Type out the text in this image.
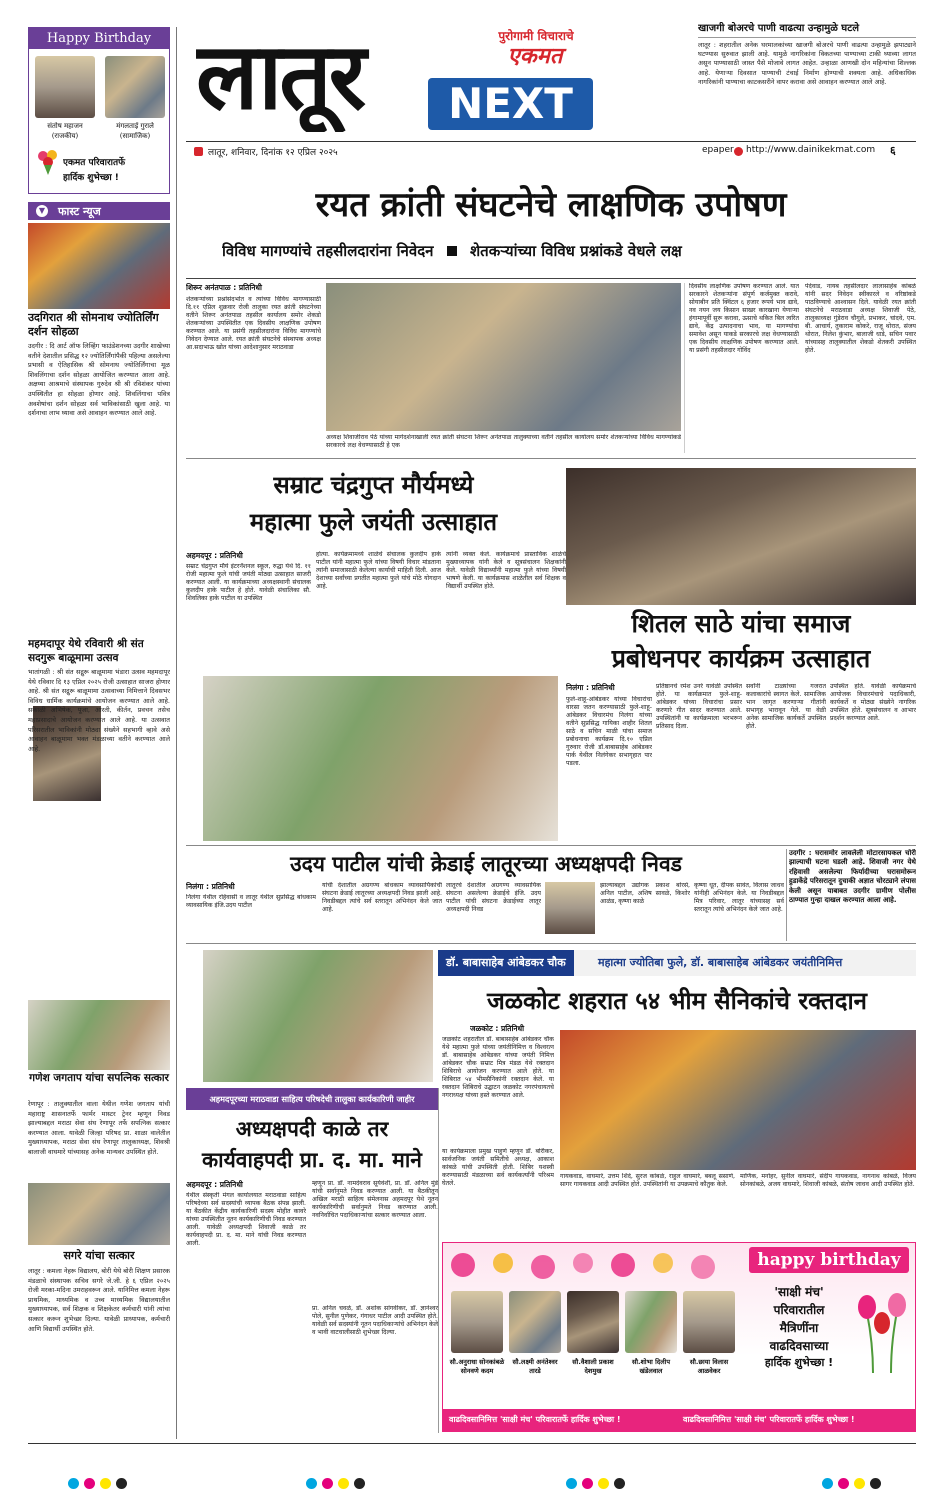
Happy Birthday
संतोष महाजन
(राजकीय)
मंगलताई गुराले
(सामाजिक)
एकमत परिवारातर्फे
हार्दिक शुभेच्छा !
▼ फास्ट न्यूज
उदगिरात श्री सोमनाथ ज्योतिर्लिंग दर्शन सोहळा
उदगीर : दि आर्ट ऑफ लिव्हिंग फाउंडेशनच्या उदगीर शाखेच्या वतीने देशातील प्रसिद्ध १२ ज्योतिर्लिंगांपैकी पहिल्या असलेल्या प्रभासी व ऐतिहासिक श्री सोमनाथ ज्योतिर्लिंगाचा मूळ शिवलिंगाचा दर्शन सोहळा आयोजित करण्यात आला आहे. अक्षय्या आश्रमाचे संस्थापक गुरुदेव श्री श्री रविशंकर यांच्या उपस्थितीत हा सोहळा होणार आहे. शिवलिंगाचा पवित्र अवशेषांचा दर्शन सोहळा सर्व भाविकांसाठी खुला आहे. या दर्शनाचा लाभ घ्यावा असे आवाहन करण्यात आले आहे.
महमदापूर येथे रविवारी श्री संत सदगुरू बाळूमामा उत्सव
भातांगळी : श्री संत सद्गुरू बाळूमामा भंडारा उत्सव महमदापूर येथे रविवार दि १३ एप्रिल २०२५ रोजी उत्साहात साजरा होणार आहे. श्री संत सद्गुरू बाळूमामा उत्सवाच्या निमित्ताने दिवसभर विविध धार्मिक कार्यक्रमांचे आयोजन करण्यात आले आहे. सकाळी अभिषेक, पूजा, आरती, कीर्तन, प्रवचन तसेच महाप्रसादाचे आयोजन करण्यात आले आहे. या उत्सवात परिसरातील भाविकांनी मोठ्या संख्येने सहभागी व्हावे असे आवाहन बाळूमामा भक्त मंडळाच्या वतीने करण्यात आले आहे.
गणेश जगताप यांचा सपत्निक सत्कार
रेणापूर : तालुक्यातील वाला येथील गणेश जगताप यांची महाराष्ट्र शासनातर्फे फार्मर मास्टर ट्रेनर म्हणून निवड झाल्याबद्दल मराठा सेवा संघ रेणापूर तर्फे सपत्निक सत्कार करण्यात आला. यावेळी जिल्हा परिषद प्रा. शाळा वालेतील मुख्याध्यापक, मराठा सेवा संघ रेणापूर तालुकाध्यक्ष, शिवश्री बालाजी वाघमारे यांच्यासह अनेक मान्यवर उपस्थित होते.
सगरे यांचा सत्कार
लातूर : कमला नेहरू विद्यालय, बोरी येथे बोरी शिक्षण प्रसारक मंडळाचे संस्थापक सचिव सगरे जे.जी. हे ६ एप्रिल २०२५ रोजी मरका-मदिना उमराहवरून आले. यानिमित्त कमला नेहरू प्राथमिक, माध्यमिक व उच्च माध्यमिक विद्यालयातील मुख्याध्यापक, सर्व शिक्षक व शिक्षकेतर कर्मचारी यांनी त्यांचा सत्कार करून शुभेच्छा दिल्या. यावेळी प्राध्यापक, कर्मचारी आणि विद्यार्थी उपस्थित होते.
लातूर	पुरोगामी विचाराचे
एकमत
NEXT
लातूर, शनिवार, दिनांक १२ एप्रिल २०२५	epaper http://www.dainikekmat.com ६
खाजगी बोअरचे पाणी वाढत्या उन्हामुळे घटले
लातूर : शहरातील अनेक घरमालकांच्या खाजगी बोअरचे पाणी वाढत्या उन्हामुळे झपाट्याने घटण्यास सुरुवात झाली आहे. यामुळे नागरिकांना विकतच्या पाण्याच्या टाकी घ्याव्या लागत असून पाण्यासाठी जास्त पैसे मोजावे लागत आहेत. उन्हाळा आणखी दोन महिन्यांचा शिल्लक आहे. येणाऱ्या दिवसात पाण्याची टंचाई निर्माण होण्याची शक्यता आहे. अधिकाधिक नागरिकांनी पाण्याचा काटकसरीने वापर करावा असे आवाहन करण्यात आले आहे.
रयत क्रांती संघटनेचे लाक्षणिक उपोषण
विविध मागण्यांचे तहसीलदारांना निवेदन शेतकऱ्यांच्या विविध प्रश्नांकडे वेधले लक्ष
शिरूर अनंतपाळ : प्रतिनिधी
शेतकऱ्यांच्या प्रश्नांसंदर्भात व त्यांच्या विविध मागण्यासाठी दि.११ एप्रिल शुक्रवार रोजी तालुका रयत क्रांती संघटनेच्या वतीने शिरूर अनंतपाळ तहसील कार्यालय समोर शेकडो शेतकऱ्यांच्या उपस्थितीत एक दिवसीय लाक्षणिक उपोषण करण्यात आले. या प्रसंगी तहसीलदारांना विविध मागण्यांचे निवेदन देण्यात आले. रयत क्रांती संघटनेचे संस्थापक अध्यक्ष आ.सदाभाऊ खोत यांच्या आदेशानुसार मराठवाडा
अध्यक्ष शिवाजीराव पेठे यांच्या मार्गदर्शनाखाली रयत क्रांती संघटना शिरूर अनंतपाळ तालुक्याच्या वतीने तहसील कार्यालय समोर शेतकऱ्यांच्या विविध मागण्यांकडे सरकारचे लक्ष वेधण्यासाठी हे एक
दिवसीय लाक्षणिक उपोषण करण्यात आले. यात सरकारने शेतकऱ्यांना संपूर्ण कर्जमुक्त करावे, सोयाबीन प्रति क्विंटल ६ हजार रूपये भाव द्यावे, नव नयन जय किसान साखर कारखाना येणाऱ्या हंगामापूर्वी सुरू करावा, ऊसाचे थकित बिल त्वरित द्यावे, केंद्र उत्पादनाचा भाव, या मागण्यांचा समावेश असून याकडे सरकारचे लक्ष वेधण्यासाठी एक दिवसीय लाक्षणिक उपोषण करण्यात आले. या प्रसंगी तहसीलदार गोविंद
पेदेवाड, नायब तहसीलदार लालासाहेब कांबळे यांनी सदर निवेदन स्वीकारले व वरिष्ठांकडे पाठविण्याचे आश्वासन दिले. यावेळी रयत क्रांती संघटनेचे मराठवाडा अध्यक्ष शिवाजी पेठे, तालुकाध्यक्ष गुंडेराव चौगुले, प्रभाकर, चांदवे, एम. बी. आचार्य, तुकाराम कोकरे, राजू थोरात, संजय थोरात, निलेश कुंभार, बालाजी धाडे, सचिन पवार यांच्यासह तालुक्यातील शेकडो शेतकरी उपस्थित होते.
सम्राट चंद्रगुप्त मौर्यमध्ये
महात्मा फुले जयंती उत्साहात
अहमदपूर : प्रतिनिधी
सम्राट चंद्रगुप्त मौर्य इंटरनॅशनल स्कूल, रुद्धा येथे दि. ११ रोजी महात्मा फुले यांची जयंती मोठ्या उत्साहात साजरी करण्यात आली. या कार्यक्रमाच्या अध्यक्षस्थानी संचालक कुलदीप हाके पाटील हे होते. यावेळी संचालिका सौ. शिवलिका हाके पाटील या उपस्थित
होत्या. कार्यक्रमामध्ये शाळेचे संचालक कुलदीप हाके पाटील यांनी महात्मा फुले यांच्या विषयी विचार मांडताना त्यांनी समाजासाठी केलेल्या कार्याची माहिती दिली. आज देशाच्या सर्वांच्या प्रगतीत महात्मा फुले यांचे मोठे योगदान आहे.
त्यांनी व्यक्त केले. कार्यक्रमाचे प्रास्ताविक शाळेचे मुख्याध्यापक यांनी केले व सूत्रसंचालन शिक्षकांनी केले. यावेळी विद्यार्थ्यांनी महात्मा फुले यांच्या विषयी भाषणे केली. या कार्यक्रमास शाळेतील सर्व शिक्षक व विद्यार्थी उपस्थित होते.
शितल साठे यांचा समाज
प्रबोधनपर कार्यक्रम उत्साहात
निलंगा : प्रतिनिधी
फुले-शाहू-आंबेडकर यांच्या विचारांचा वारसा जतन करण्यासाठी फुले-शाहू-आंबेडकर विचारमंच निलंगा यांच्या वतीने सुप्रसिद्ध गायिका शाहीर शितल साठे व सचिन माळी यांचा समाज प्रबोधनाचा कार्यक्रम दि.१० एप्रिल गुरुवार रोजी डॉ.बाबासाहेब आंबेडकर पार्क येथील निलंगेकर सभागृहात पार पडला.
प्रतिष्ठानचे रमेश उनरे यावेळी उपस्थित होते. या कार्यक्रमात फुले-शाहू-आंबेडकर यांच्या विचारांचा प्रसार करणारे गीत सादर करण्यात आले. उपस्थितांनी या कार्यक्रमाला भरभरून प्रतिसाद दिला.
सर्वांनी टाळ्यांच्या गजरात कलाकारांचे स्वागत केले. सामाजिक भान जागृत करणाऱ्या गीतांनी सभागृह भारावून गेले. या वेळी अनेक सामाजिक कार्यकर्ते उपस्थित होते.
उपस्थित होते. यावेळी कार्यक्रमाचे आयोजक विचारमंचाचे पदाधिकारी, कार्यकर्ते व मोठ्या संख्येने नागरिक उपस्थित होते. सूत्रसंचालन व आभार प्रदर्शन करण्यात आले.
उदय पाटील यांची क्रेडाई लातूरच्या अध्यक्षपदी निवड
निलंगा : प्रतिनिधी
निलंगा येथील रहिवासी व लातूर येथील सुप्रसिद्ध बांधकाम व्यावसायिक इंजि.उदय पाटील
यांची देशातील अग्रगण्य बांधकाम व्यावसायिकांची संघटना क्रेडाई लातूरच्या अध्यक्षपदी निवड झाली आहे. निवडीबद्दल त्यांचे सर्व स्तरातून अभिनंदन केले जात आहे.
लातूरचे देशातील अग्रगण्य व्यावसायिक संघटना असलेल्या क्रेडाईचे इंजि. उदय पाटील यांची संघटना क्रेडाईच्या लातूर अध्यक्षपदी निवड
झाल्याबद्दल उद्योगक प्रकाश बोरसे, अनिल पाटील, अशिष सावळे, किशोर आळंड, कृष्णा काळे
कृष्णा धूत, दीपक सावंत, विलास जाधव यांनीही अभिनंदन केले. या निवडीबद्दल मित्र परिवार, लातूर यांच्यासह सर्व स्तरातून त्यांचे अभिनंदन केले जात आहे.
उदगीर : घरासमोर लावलेली मोटारसायकल चोरी झाल्याची घटना घडली आहे. शिवाजी नगर येथे रहिवासी असलेल्या फिर्यादीच्या घरासमोरून हुडाकेंद्रे परिसरातून दुचाकी अज्ञात चोरट्याने लंपास केली असून याबाबत उदगीर ग्रामीण पोलीस ठाण्यात गुन्हा दाखल करण्यात आला आहे.
डॉ. बाबासाहेब आंबेडकर चौक	महात्मा ज्योतिबा फुले, डॉ. बाबासाहेब आंबेडकर जयंतीनिमित्त
अहमदपूरच्या मराठवाडा साहित्य परिषदेची तालुका कार्यकारिणी जाहीर
अध्यक्षपदी काळे तर
कार्यवाहपदी प्रा. द. मा. माने
जळकोट शहरात ५४ भीम सैनिकांचे रक्तदान
जळकोट : प्रतिनिधी
जळकोट शहरातील डॉ. बाबासाहेब आंबेडकर चौक येथे महात्मा फुले यांच्या जयंतीनिमित्त व विश्वरत्न डॉ. बाबासाहेब आंबेडकर यांच्या जयंती निमित्त आंबेडकर चौक सम्राट मित्र मंडळ येथे रक्तदान शिबिराचे आयोजन करण्यात आले होते. या शिबिरात ५४ भीमसैनिकांनी रक्तदान केले. या रक्तदान शिबिराचे उद्घाटन जळकोट नगरपंचायतचे नगराध्यक्ष यांच्या हस्ते करण्यात आले.
या कार्यक्रमाला प्रमुख पाहुणे म्हणून डॉ. बोरीकर, सार्वजनिक जयंती समितीचे अध्यक्ष, आकाश कांबळे यांची उपस्थिती होती. शिबिर यशस्वी करण्यासाठी मंडळाच्या सर्व कार्यकर्त्यांनी परिश्रम घेतले.
गायकवाड, वाघमारे, उत्तम शिंदे, सुरज कांबळे, राहुल वाघमारे, बबलू ससाणे, सागर गायकवाड आदी उपस्थित होते. उपस्थितांनी या उपक्रमाचे कौतुक केले.
माणिक, मनोहर, सुनील वाघमारे, संदीप गायकवाड, नागनाथ कांबळे, विजय सोनकांबळे, अजय वाघमारे, शिवाजी कांबळे, संतोष जाधव आदी उपस्थित होते.
अहमदपूर : प्रतिनिधी
येथील संस्कृती मंगल कार्यालयात मराठवाडा साहित्य परिषदेच्या सर्व सदस्यांची व्यापक बैठक संपन्न झाली. या बैठकीत केंद्रीय कार्यकारिणी सदस्य मोहीत कावरे यांच्या उपस्थितीत नूतन कार्यकारिणीची निवड करण्यात आली. यावेळी अध्यक्षपदी शिवाजी काळे तर कार्यवाहपदी प्रा. द. मा. माने यांची निवड करण्यात आली.
म्हणून प्रा. डॉ. नामदेवराव सूर्यवंशी, प्रा. डॉ. अनिल मुंडे यांची सर्वानुमते निवड करण्यात आली. या बैठकीतून अखिल मराठी साहित्य संमेलनास अहमदपूर येथे नूतन कार्यकारिणीची सर्वानुमते निवड करण्यात आली. नवनिर्वाचित पदाधिकाऱ्यांचा सत्कार करण्यात आला.
प्रा. अनिल चवळे, डॉ. अशोक सांगवीकर, डॉ. ज्ञानेश्वर पोले, सुनील पुणेकर, गंगाधर पाटील आदी उपस्थित होते. यावेळी सर्व सदस्यांनी नूतन पदाधिकाऱ्यांचे अभिनंदन केले व भावी वाटचालीसाठी शुभेच्छा दिल्या.
happy birthday
सौ.अनुराधा सोनकांबळे
सोनवणे कदम
सौ.लक्ष्मी अनंतेश्वर
तारडे
सौ.वैशाली प्रकाश
देशमुख
सौ.शोभा दिलीप
खंडेलवाल
सौ.छाया विलास
आळवेकर
'साक्षी मंच'
परिवारातील
मैत्रिणींना
वाढदिवसाच्या
हार्दिक शुभेच्छा !
वाढदिवसानिमित्त 'साक्षी मंच' परिवारातर्फे हार्दिक शुभेच्छा !	वाढदिवसानिमित्त 'साक्षी मंच' परिवारातर्फे हार्दिक शुभेच्छा !
